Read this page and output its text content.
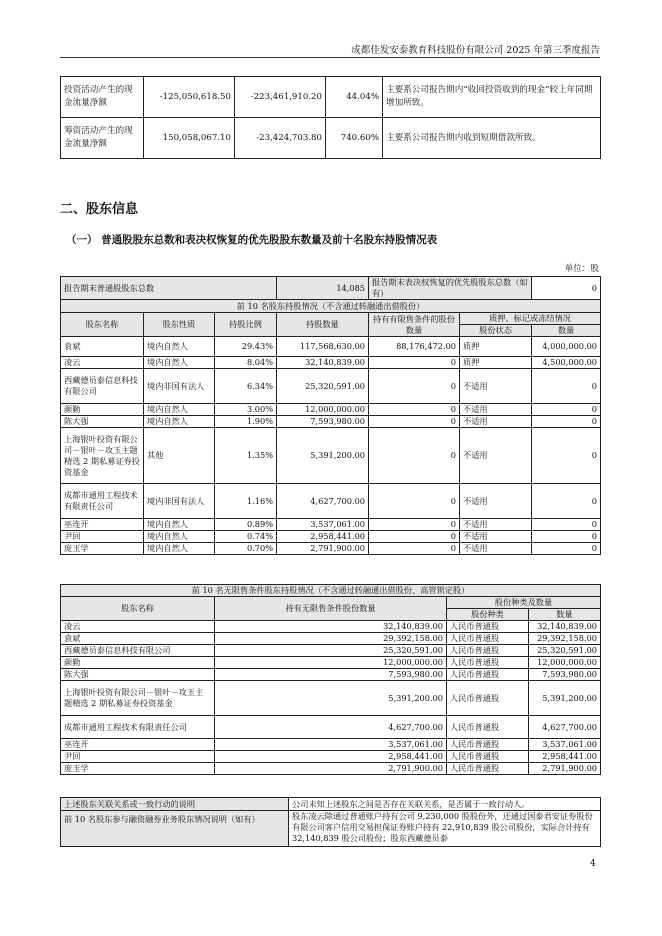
成都佳发安泰教育科技股份有限公司 2025 年第三季度报告
投资活动产生的现金流量净额	-125,050,618.50	-223,461,910.20	44.04%	主要系公司报告期内“收回投资收到的现金”较上年同期增加所致。
筹资活动产生的现金流量净额	150,058,067.10	-23,424,703.80	740.60%	主要系公司报告期内收到短期借款所致。
二、股东信息
（一） 普通股股东总数和表决权恢复的优先股股东数量及前十名股东持股情况表
单位：股
报告期末普通股股东总数			14,085	报告期末表决权恢复的优先股股东总数（如有）		0
前 10 名股东持股情况（不含通过转融通出借股份）						
股东名称	股东性质	持股比例	持股数量	持有有限售条件的股份数量	质押、标记或冻结情况	
					股份状态	数量
袁斌	境内自然人	29.43%	117,568,630.00	88,176,472.00	质押	4,000,000.00
凌云	境内自然人	8.04%	32,140,839.00	0	质押	4,500,000.00
西藏德员泰信息科技有限公司	境内非国有法人	6.34%	25,320,591.00	0	不适用	0
颜勤	境内自然人	3.00%	12,000,000.00	0	不适用	0
陈大强	境内自然人	1.90%	7,593,980.00	0	不适用	0
上海银叶投资有限公司－银叶－攻玉主题精选 2 期私募证券投资基金	其他	1.35%	5,391,200.00	0	不适用	0
成都市通用工程技术有限责任公司	境内非国有法人	1.16%	4,627,700.00	0	不适用	0
巫连开	境内自然人	0.89%	3,537,061.00	0	不适用	0
尹回	境内自然人	0.74%	2,958,441.00	0	不适用	0
庞玉学	境内自然人	0.70%	2,791,900.00	0	不适用	0
前 10 名无限售条件股东持股情况（不含通过转融通出借股份、高管锁定股）			
股东名称	持有无限售条件股份数量	股份种类及数量	
		股份种类	数量
凌云	32,140,839.00	人民币普通股	32,140,839.00
袁斌	29,392,158.00	人民币普通股	29,392,158.00
西藏德员泰信息科技有限公司	25,320,591.00	人民币普通股	25,320,591.00
颜勤	12,000,000.00	人民币普通股	12,000,000.00
陈大强	7,593,980.00	人民币普通股	7,593,980.00
上海银叶投资有限公司－银叶－攻玉主题精选 2 期私募证券投资基金	5,391,200.00	人民币普通股	5,391,200.00
成都市通用工程技术有限责任公司	4,627,700.00	人民币普通股	4,627,700.00
巫连开	3,537,061.00	人民币普通股	3,537,061.00
尹回	2,958,441.00	人民币普通股	2,958,441.00
庞玉学	2,791,900.00	人民币普通股	2,791,900.00
上述股东关联关系或一致行动的说明	公司未知上述股东之间是否存在关联关系，是否属于一致行动人。
前 10 名股东参与融资融券业务股东情况说明（如有）	股东凌云除通过普通账户持有公司 9,230,000 股股份外，还通过国泰君安证券股份有限公司客户信用交易担保证券账户持有 22,910,839 股公司股份，实际合计持有 32,140,839 股公司股份；股东西藏德员泰
4
